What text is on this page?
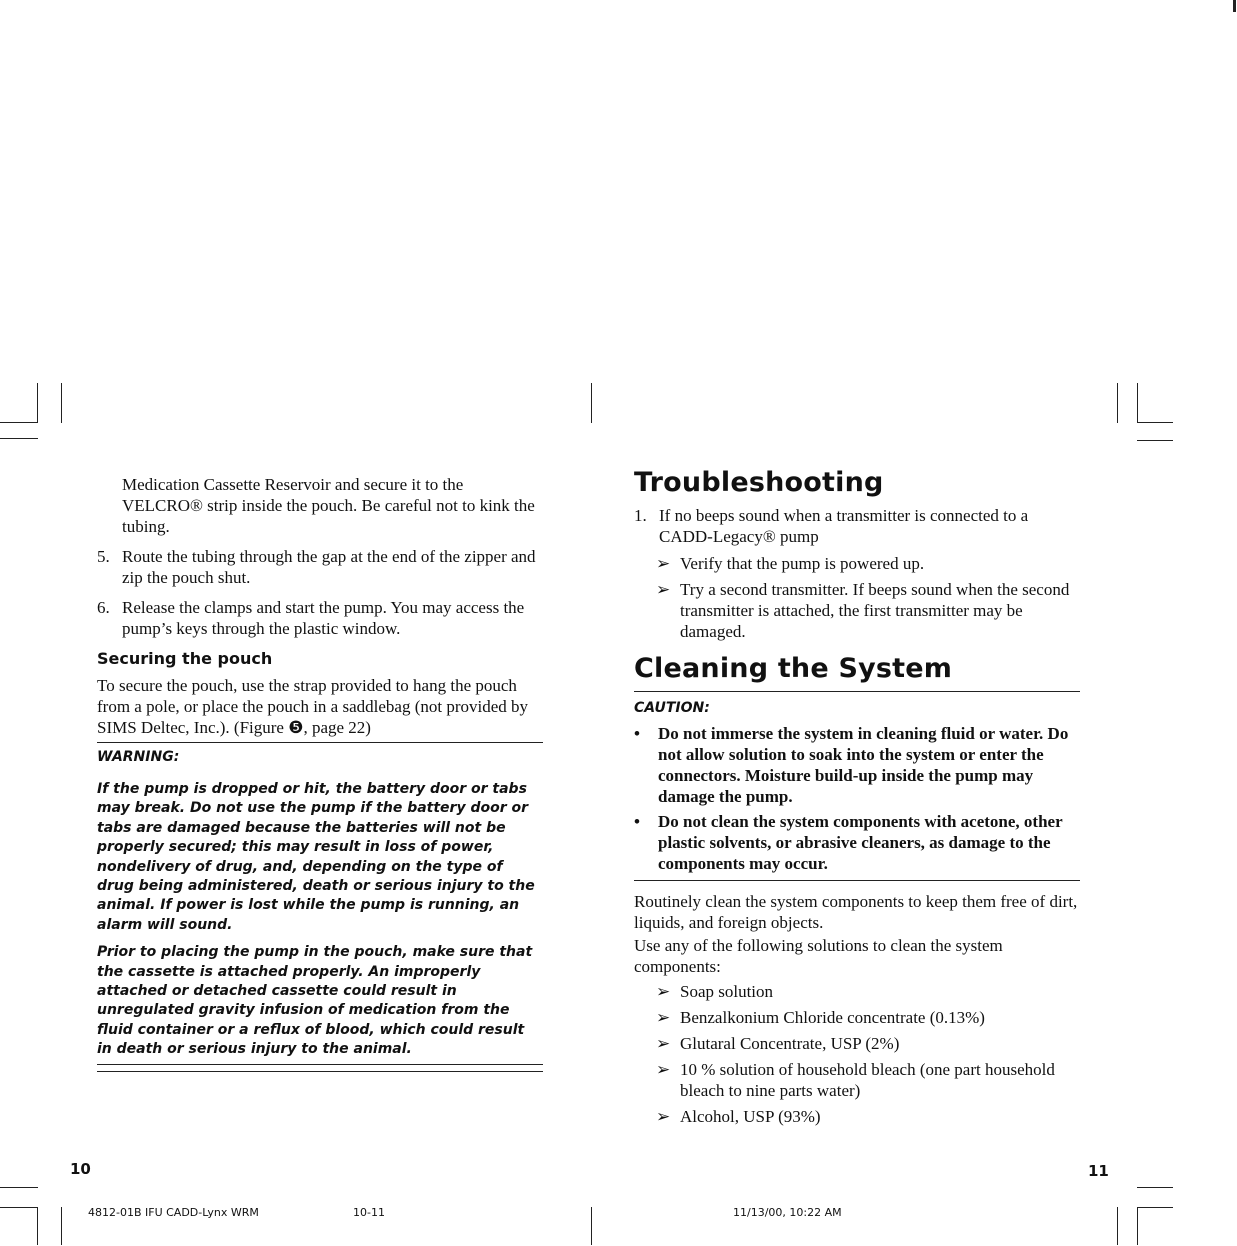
Medication Cassette Reservoir and secure it to the VELCRO® strip inside the pouch. Be careful not to kink the tubing.
5. Route the tubing through the gap at the end of the zipper and zip the pouch shut.
6. Release the clamps and start the pump. You may access the pump’s keys through the plastic window.
Securing the pouch
To secure the pouch, use the strap provided to hang the pouch from a pole, or place the pouch in a saddlebag (not provided by SIMS Deltec, Inc.). (Figure ❺, page 22)
WARNING:
If the pump is dropped or hit, the battery door or tabs may break. Do not use the pump if the battery door or tabs are damaged because the batteries will not be properly secured; this may result in loss of power, nondelivery of drug, and, depending on the type of drug being administered, death or serious injury to the animal. If power is lost while the pump is running, an alarm will sound.
Prior to placing the pump in the pouch, make sure that the cassette is attached properly. An improperly attached or detached cassette could result in unregulated gravity infusion of medication from the fluid container or a reflux of blood, which could result in death or serious injury to the animal.
Troubleshooting
1. If no beeps sound when a transmitter is connected to a CADD-Legacy® pump
➢ Verify that the pump is powered up.
➢ Try a second transmitter. If beeps sound when the second transmitter is attached, the first transmitter may be damaged.
Cleaning the System
CAUTION:
• Do not immerse the system in cleaning fluid or water. Do not allow solution to soak into the system or enter the connectors. Moisture build-up inside the pump may damage the pump.
• Do not clean the system components with acetone, other plastic solvents, or abrasive cleaners, as damage to the components may occur.
Routinely clean the system components to keep them free of dirt, liquids, and foreign objects.
Use any of the following solutions to clean the system components:
➢ Soap solution
➢ Benzalkonium Chloride concentrate (0.13%)
➢ Glutaral Concentrate, USP (2%)
➢ 10 % solution of household bleach (one part household bleach to nine parts water)
➢ Alcohol, USP (93%)
10	11
4812-01B IFU CADD-Lynx WRM	10-11	11/13/00, 10:22 AM
